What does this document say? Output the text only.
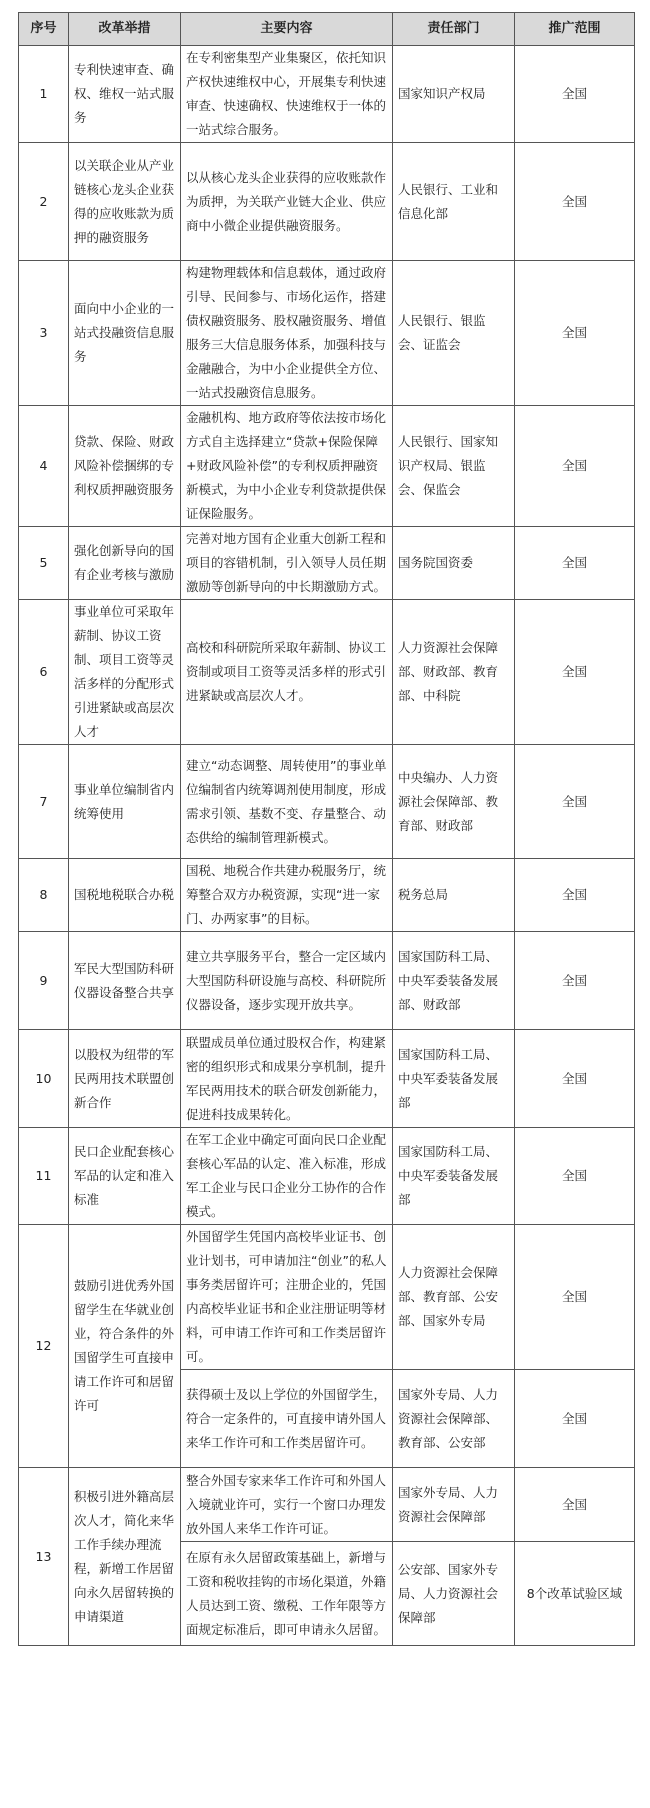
序号	改革举措	主要内容	责任部门	推广范围
1	专利快速审查、确权、维权一站式服务	在专利密集型产业集聚区，依托知识产权快速维权中心，开展集专利快速审查、快速确权、快速维权于一体的一站式综合服务。	国家知识产权局	全国
2	以关联企业从产业链核心龙头企业获得的应收账款为质押的融资服务	以从核心龙头企业获得的应收账款作为质押，为关联产业链大企业、供应商中小微企业提供融资服务。	人民银行、工业和信息化部	全国
3	面向中小企业的一站式投融资信息服务	构建物理载体和信息载体，通过政府引导、民间参与、市场化运作，搭建债权融资服务、股权融资服务、增值服务三大信息服务体系，加强科技与金融融合，为中小企业提供全方位、一站式投融资信息服务。	人民银行、银监会、证监会	全国
4	贷款、保险、财政风险补偿捆绑的专利权质押融资服务	金融机构、地方政府等依法按市场化方式自主选择建立“贷款+保险保障+财政风险补偿”的专利权质押融资新模式，为中小企业专利贷款提供保证保险服务。	人民银行、国家知识产权局、银监会、保监会	全国
5	强化创新导向的国有企业考核与激励	完善对地方国有企业重大创新工程和项目的容错机制，引入领导人员任期激励等创新导向的中长期激励方式。	国务院国资委	全国
6	事业单位可采取年薪制、协议工资制、项目工资等灵活多样的分配形式引进紧缺或高层次人才	高校和科研院所采取年薪制、协议工资制或项目工资等灵活多样的形式引进紧缺或高层次人才。	人力资源社会保障部、财政部、教育部、中科院	全国
7	事业单位编制省内统筹使用	建立“动态调整、周转使用”的事业单位编制省内统筹调剂使用制度，形成需求引领、基数不变、存量整合、动态供给的编制管理新模式。	中央编办、人力资源社会保障部、教育部、财政部	全国
8	国税地税联合办税	国税、地税合作共建办税服务厅，统筹整合双方办税资源，实现“进一家门、办两家事”的目标。	税务总局	全国
9	军民大型国防科研仪器设备整合共享	建立共享服务平台，整合一定区域内大型国防科研设施与高校、科研院所仪器设备，逐步实现开放共享。	国家国防科工局、中央军委装备发展部、财政部	全国
10	以股权为纽带的军民两用技术联盟创新合作	联盟成员单位通过股权合作，构建紧密的组织形式和成果分享机制，提升军民两用技术的联合研发创新能力，促进科技成果转化。	国家国防科工局、中央军委装备发展部	全国
11	民口企业配套核心军品的认定和准入标准	在军工企业中确定可面向民口企业配套核心军品的认定、准入标准，形成军工企业与民口企业分工协作的合作模式。	国家国防科工局、中央军委装备发展部	全国
12	鼓励引进优秀外国留学生在华就业创业，符合条件的外国留学生可直接申请工作许可和居留许可	外国留学生凭国内高校毕业证书、创业计划书，可申请加注“创业”的私人事务类居留许可；注册企业的，凭国内高校毕业证书和企业注册证明等材料，可申请工作许可和工作类居留许可。	人力资源社会保障部、教育部、公安部、国家外专局	全国
		获得硕士及以上学位的外国留学生，符合一定条件的，可直接申请外国人来华工作许可和工作类居留许可。	国家外专局、人力资源社会保障部、教育部、公安部	全国
13	积极引进外籍高层次人才，简化来华工作手续办理流程，新增工作居留向永久居留转换的申请渠道	整合外国专家来华工作许可和外国人入境就业许可，实行一个窗口办理发放外国人来华工作许可证。	国家外专局、人力资源社会保障部	全国
		在原有永久居留政策基础上，新增与工资和税收挂钩的市场化渠道，外籍人员达到工资、缴税、工作年限等方面规定标准后，即可申请永久居留。	公安部、国家外专局、人力资源社会保障部	8个改革试验区域
